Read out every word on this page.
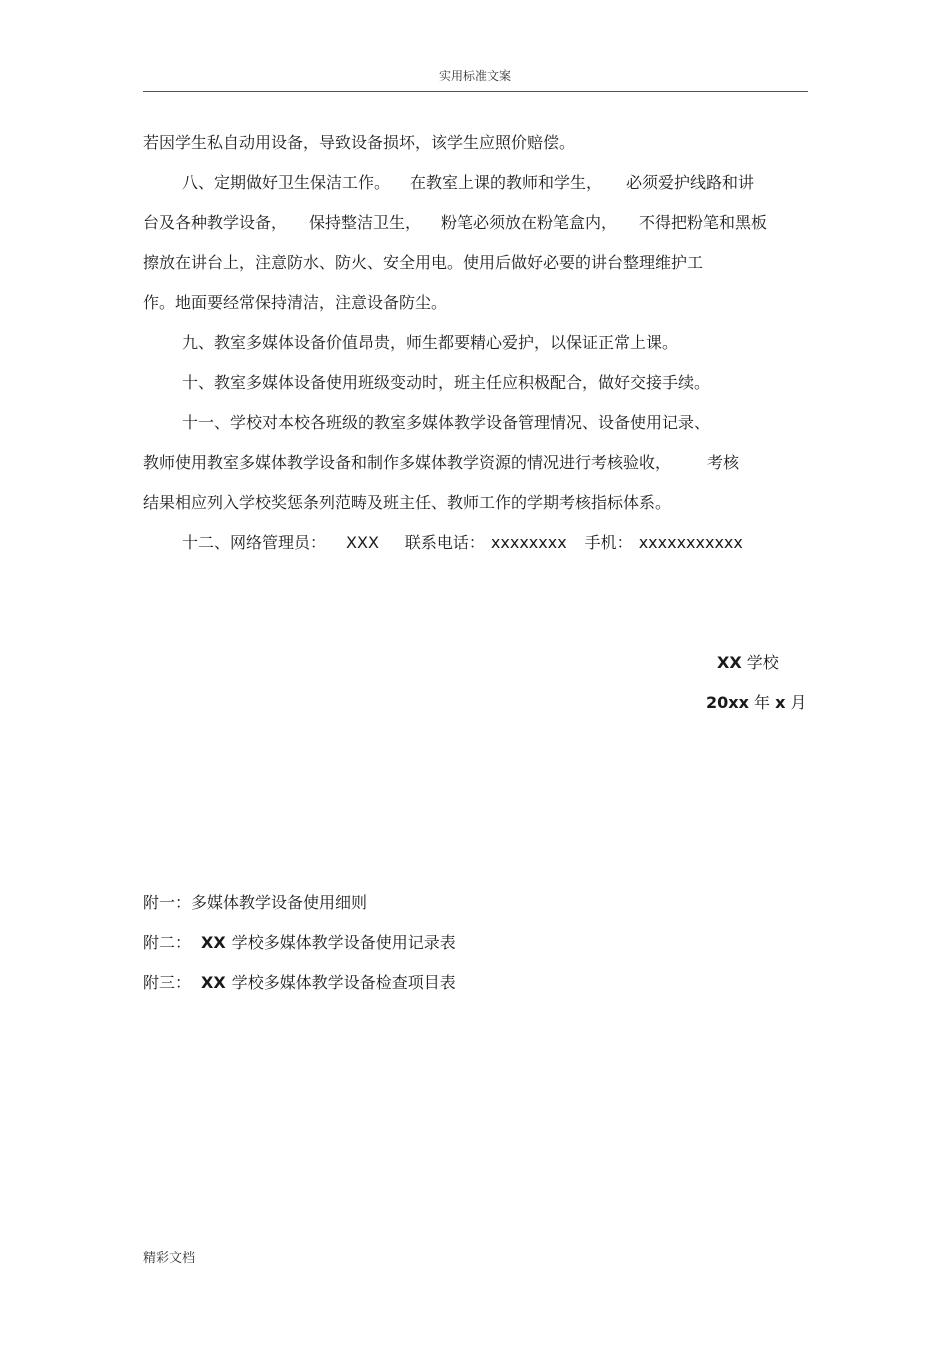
实用标准文案
若因学生私自动用设备，导致设备损坏，该学生应照价赔偿。
八、定期做好卫生保洁工作。 在教室上课的教师和学生， 必须爱护线路和讲
台及各种教学设备， 保持整洁卫生， 粉笔必须放在粉笔盒内， 不得把粉笔和黑板
擦放在讲台上，注意防水、防火、安全用电。使用后做好必要的讲台整理维护工
作。地面要经常保持清洁，注意设备防尘。
九、教室多媒体设备价值昂贵，师生都要精心爱护，以保证正常上课。
十、教室多媒体设备使用班级变动时，班主任应积极配合，做好交接手续。
十一、学校对本校各班级的教室多媒体教学设备管理情况、设备使用记录、
教师使用教室多媒体教学设备和制作多媒体教学资源的情况进行考核验收， 考核
结果相应列入学校奖惩条列范畴及班主任、教师工作的学期考核指标体系。
十二、网络管理员： XXX 联系电话： xxxxxxxx 手机： xxxxxxxxxxx
XX 学校
20xx 年 x 月
附一：多媒体教学设备使用细则
附二： XX 学校多媒体教学设备使用记录表
附三： XX 学校多媒体教学设备检查项目表
精彩文档
